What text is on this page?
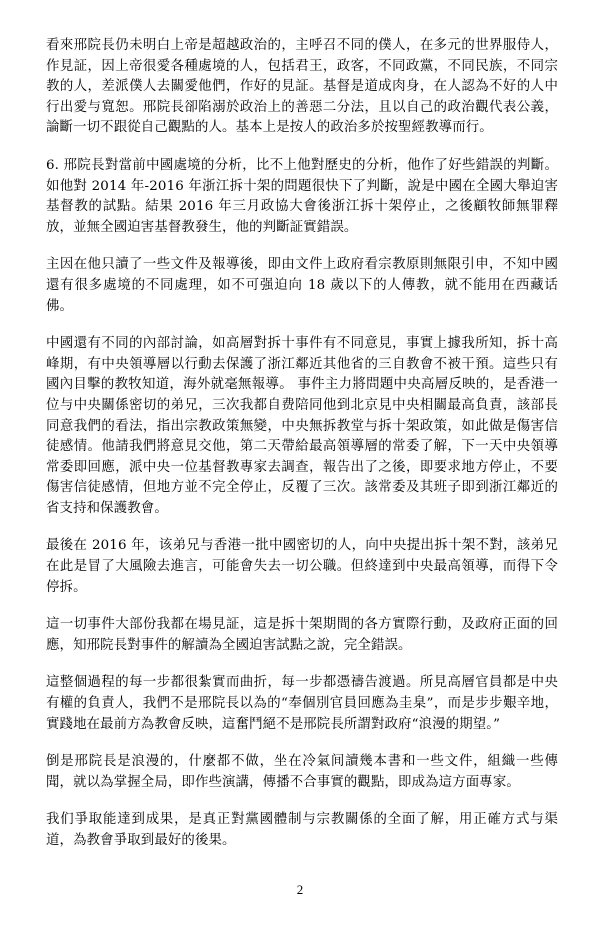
看來邢院長仍未明白上帝是超越政治的，主呼召不同的僕人，在多元的世界服侍人，作見証，因上帝很愛各種處境的人，包括君王，政客，不同政黨，不同民族，不同宗教的人，差派僕人去關愛他們，作好的見証。基督是道成肉身，在人認為不好的人中行出愛与寬恕。邢院長卻陷溺於政治上的善惡二分法，且以自己的政治觀代表公義，論斷一切不跟從自己觀點的人。基本上是按人的政治多於按聖經教導而行。

6. 邢院長對當前中國處境的分析，比不上他對歷史的分析，他作了好些錯誤的判斷。如他對 2014 年-2016 年浙江拆十架的問題很快下了判斷，說是中國在全國大舉迫害基督教的試點。結果 2016 年三月政協大會後浙江拆十架停止，之後顧牧師無罪釋放，並無全國迫害基督教發生，他的判斷証實錯誤。

主因在他只讀了一些文件及報導後，即由文件上政府看宗教原則無限引申，不知中國還有很多處境的不同處理，如不可强迫向 18 歲以下的人傳教，就不能用在西藏话佛。

中國還有不同的內部討論，如高層對拆十事件有不同意見，事實上據我所知，拆十高峰期，有中央領導層以行動去保護了浙江鄰近其他省的三自教會不被干預。這些只有國內目擊的教牧知道，海外就毫無報導。 事件主力將問題中央高層反映的，是香港一位与中央關係密切的弟兄，三次我都自费陪同他到北京見中央相關最高負責，該部長同意我們的看法，指出宗教政策無變，中央無拆教堂与拆十架政策，如此做是傷害信徒感情。他請我們將意見交他，第二天帶給最高領導層的常委了解，下一天中央領導常委即回應，派中央一位基督教專家去調查，報告出了之後，即要求地方停止，不要傷害信徒感情，但地方並不完全停止，反覆了三次。該常委及其班子即到浙江鄰近的省支持和保護教會。

最後在 2016 年，该弟兄与香港一批中國密切的人，向中央提出拆十架不對，該弟兄在此是冒了大風險去進言，可能會失去一切公職。但終達到中央最高領導，而得下令停拆。

這一切事件大部份我都在場見証，這是拆十架期間的各方實際行動，及政府正面的回應，知邢院長對事件的解讀為全國迫害試點之說，完全錯誤。

這整個過程的每一步都很紮實而曲折，每一步都憑禱告渡過。所見高層官員都是中央有權的負責人，我們不是邢院長以為的“奉個別官員回應為圭臬”，而是步步艱辛地，實踐地在最前方為教會反映，這奮鬥絕不是邢院長所謂對政府“浪漫的期望。”

倒是邢院長是浪漫的，什麼都不做，坐在冷氣间讀幾本書和一些文件，組織一些傳聞，就以為掌握全局，即作些演講，傳播不合事實的觀點，即成為這方面專家。

我们爭取能達到成果，是真正對黨國體制与宗教關係的全面了解，用正確方式与渠道，為教會爭取到最好的後果。

2
